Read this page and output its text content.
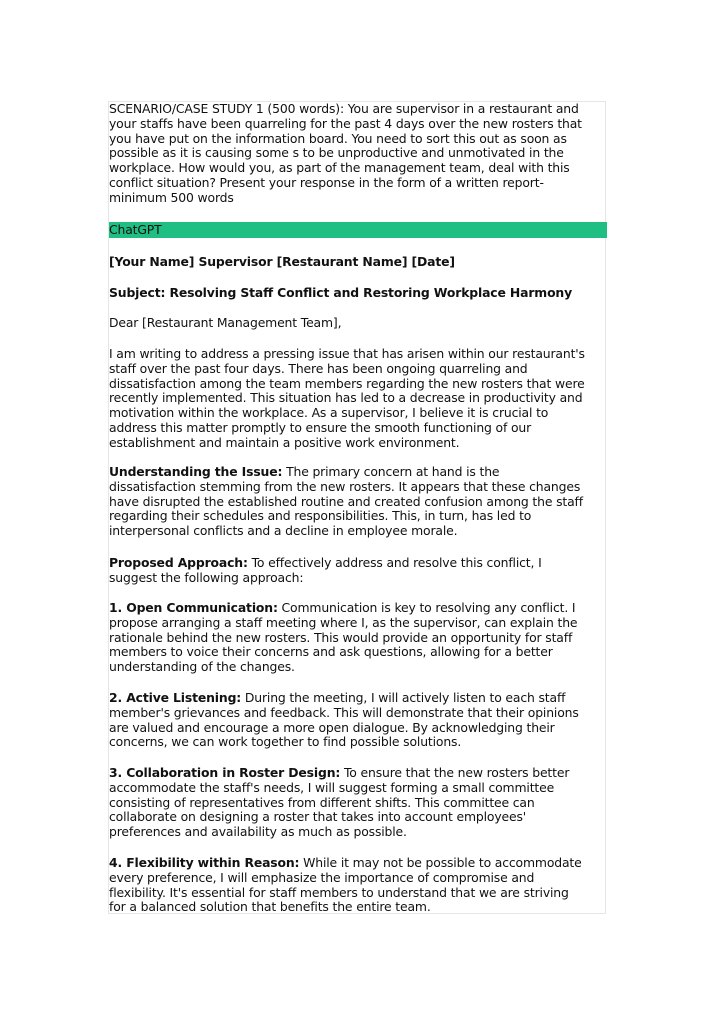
SCENARIO/CASE STUDY 1 (500 words): You are supervisor in a restaurant and
your staffs have been quarreling for the past 4 days over the new rosters that
you have put on the information board. You need to sort this out as soon as
possible as it is causing some s to be unproductive and unmotivated in the
workplace. How would you, as part of the management team, deal with this
conflict situation? Present your response in the form of a written report-
minimum 500 words
ChatGPT
[Your Name] Supervisor [Restaurant Name] [Date]
Subject: Resolving Staﬀ Conﬂict and Restoring Workplace Harmony
Dear [Restaurant Management Team],
I am writing to address a pressing issue that has arisen within our restaurant's
staff over the past four days. There has been ongoing quarreling and
dissatisfaction among the team members regarding the new rosters that were
recently implemented. This situation has led to a decrease in productivity and
motivation within the workplace. As a supervisor, I believe it is crucial to
address this matter promptly to ensure the smooth functioning of our
establishment and maintain a positive work environment.
Understanding the Issue: The primary concern at hand is the
dissatisfaction stemming from the new rosters. It appears that these changes
have disrupted the established routine and created confusion among the staff
regarding their schedules and responsibilities. This, in turn, has led to
interpersonal conflicts and a decline in employee morale.
Proposed Approach: To effectively address and resolve this conflict, I
suggest the following approach:
1. Open Communication: Communication is key to resolving any conflict. I
propose arranging a staff meeting where I, as the supervisor, can explain the
rationale behind the new rosters. This would provide an opportunity for staff
members to voice their concerns and ask questions, allowing for a better
understanding of the changes.
2. Active Listening: During the meeting, I will actively listen to each staff
member's grievances and feedback. This will demonstrate that their opinions
are valued and encourage a more open dialogue. By acknowledging their
concerns, we can work together to find possible solutions.
3. Collaboration in Roster Design: To ensure that the new rosters better
accommodate the staff's needs, I will suggest forming a small committee
consisting of representatives from different shifts. This committee can
collaborate on designing a roster that takes into account employees'
preferences and availability as much as possible.
4. Flexibility within Reason: While it may not be possible to accommodate
every preference, I will emphasize the importance of compromise and
flexibility. It's essential for staff members to understand that we are striving
for a balanced solution that benefits the entire team.
